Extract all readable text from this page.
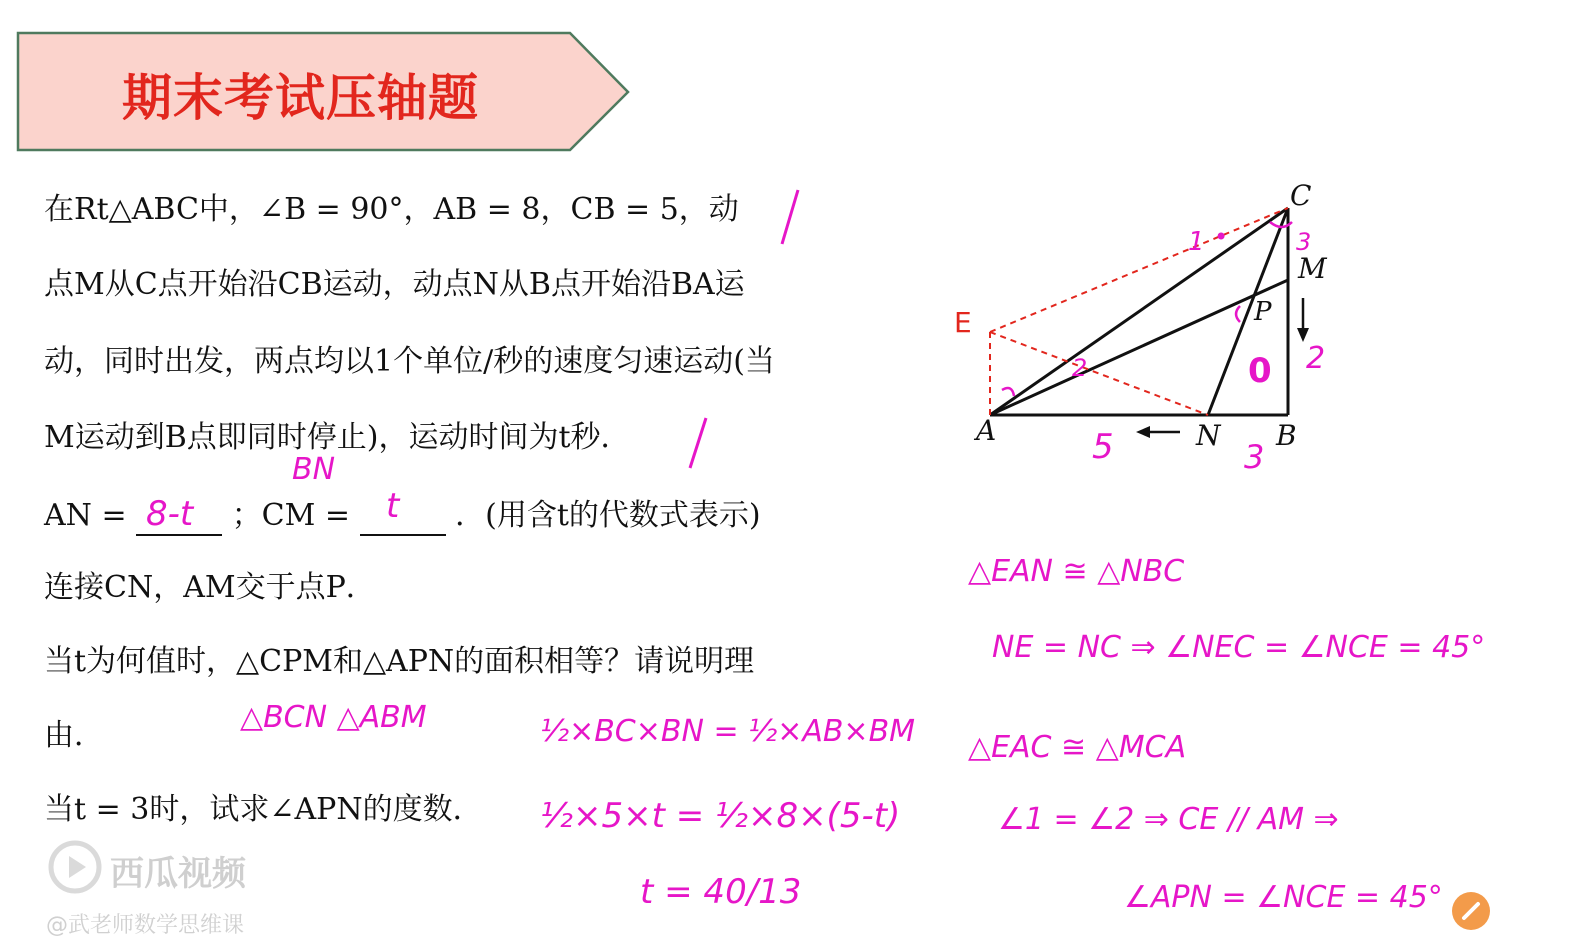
期末考试压轴题
在Rt△ABC中，∠B = 90°，AB = 8，CB = 5，动
点M从C点开始沿CB运动，动点N从B点开始沿BA运
动，同时出发，两点均以1个单位/秒的速度匀速运动(当
M运动到B点即同时停止)，运动时间为t秒．
AN =	；CM =	．(用含t的代数式表示)
连接CN，AM交于点P．
当t为何值时，△CPM和△APN的面积相等？请说明理
由．
当t = 3时，试求∠APN的度数．
BN
8-t	t
△BCN △ABM	½×BC×BN = ½×AB×BM
½×5×t = ½×8×(5-t)
t = 40/13
△EAN ≅ △NBC
NE = NC ⇒ ∠NEC = ∠NCE = 45°
△EAC ≅ △MCA
∠1 = ∠2 ⇒ CE // AM ⇒
∠APN = ∠NCE = 45°
C
M
P
A	N B
E
1 •	3
2	2
0
5	3
西瓜视频
@武老师数学思维课
